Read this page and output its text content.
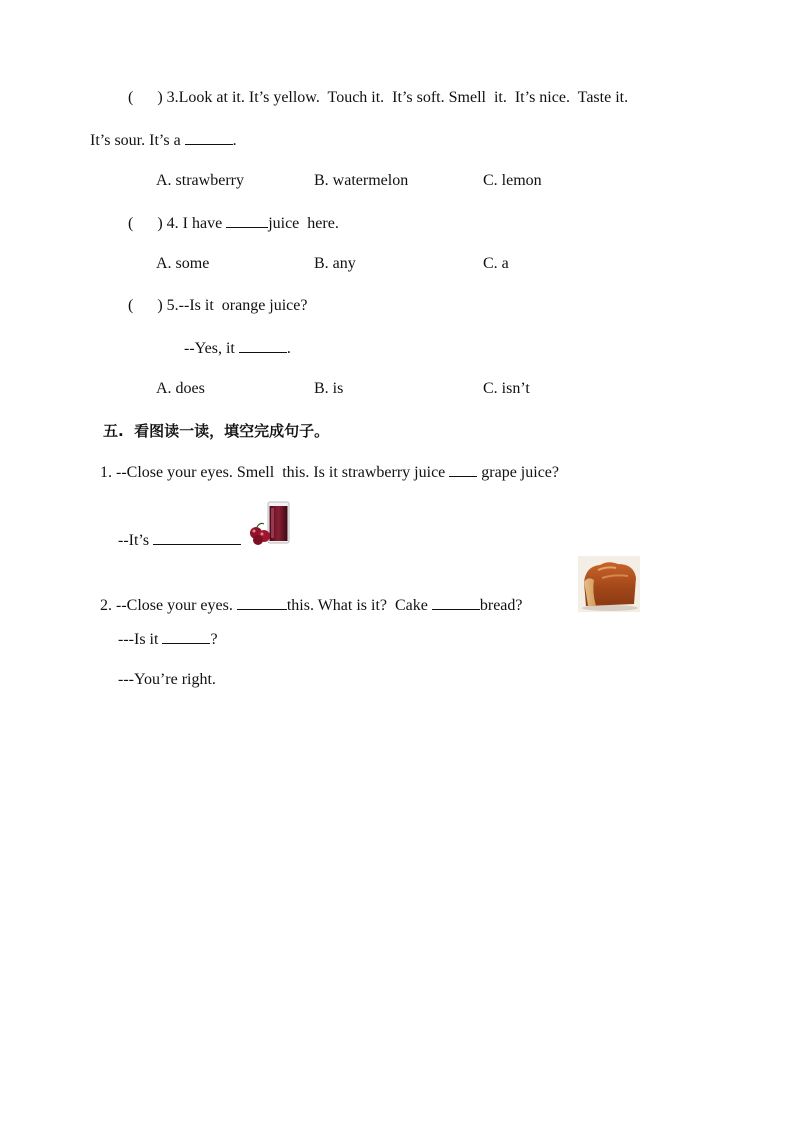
(      ) 3.Look at it. It’s yellow.  Touch it.  It’s soft. Smell  it.  It’s nice.  Taste it.
It’s sour. It’s a	.
A. strawberry	B. watermelon	C. lemon
(      ) 4. I have	juice  here.
A. some	B. any	C. a
(      ) 5.--Is it  orange juice?
--Yes, it	.
A. does	B. is	C. isn’t
五.  看图读一读，填空完成句子。
1. --Close your eyes. Smell  this. Is it strawberry juice  grape juice?
--It’s
2. --Close your eyes.	this. What is it?  Cake	bread?
---Is it	?
---You’re right.
